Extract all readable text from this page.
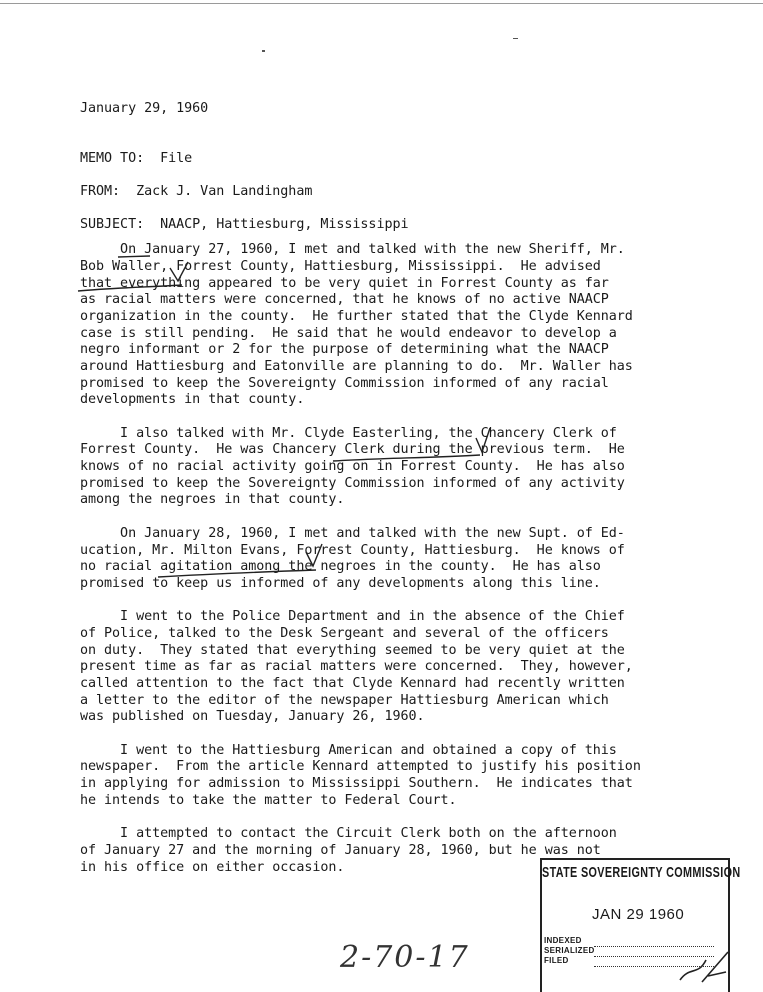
January 29, 1960
MEMO TO:  File
FROM:  Zack J. Van Landingham
SUBJECT:  NAACP, Hattiesburg, Mississippi
On January 27, 1960, I met and talked with the new Sheriff, Mr.
Bob Waller, Forrest County, Hattiesburg, Mississippi.  He advised
that everything appeared to be very quiet in Forrest County as far
as racial matters were concerned, that he knows of no active NAACP
organization in the county.  He further stated that the Clyde Kennard
case is still pending.  He said that he would endeavor to develop a
negro informant or 2 for the purpose of determining what the NAACP
around Hattiesburg and Eatonville are planning to do.  Mr. Waller has
promised to keep the Sovereignty Commission informed of any racial
developments in that county.
I also talked with Mr. Clyde Easterling, the Chancery Clerk of
Forrest County.  He was Chancery Clerk during the previous term.  He
knows of no racial activity going on in Forrest County.  He has also
promised to keep the Sovereignty Commission informed of any activity
among the negroes in that county.
On January 28, 1960, I met and talked with the new Supt. of Ed-
ucation, Mr. Milton Evans, Forrest County, Hattiesburg.  He knows of
no racial agitation among the negroes in the county.  He has also
promised to keep us informed of any developments along this line.
I went to the Police Department and in the absence of the Chief
of Police, talked to the Desk Sergeant and several of the officers
on duty.  They stated that everything seemed to be very quiet at the
present time as far as racial matters were concerned.  They, however,
called attention to the fact that Clyde Kennard had recently written
a letter to the editor of the newspaper Hattiesburg American which
was published on Tuesday, January 26, 1960.
I went to the Hattiesburg American and obtained a copy of this
newspaper.  From the article Kennard attempted to justify his position
in applying for admission to Mississippi Southern.  He indicates that
he intends to take the matter to Federal Court.
I attempted to contact the Circuit Clerk both on the afternoon
of January 27 and the morning of January 28, 1960, but he was not
in his office on either occasion.	STATE SOVEREIGNTY COMMISSION
JAN 29 1960
INDEXED
SERIALIZED
FILED
2-70-17
